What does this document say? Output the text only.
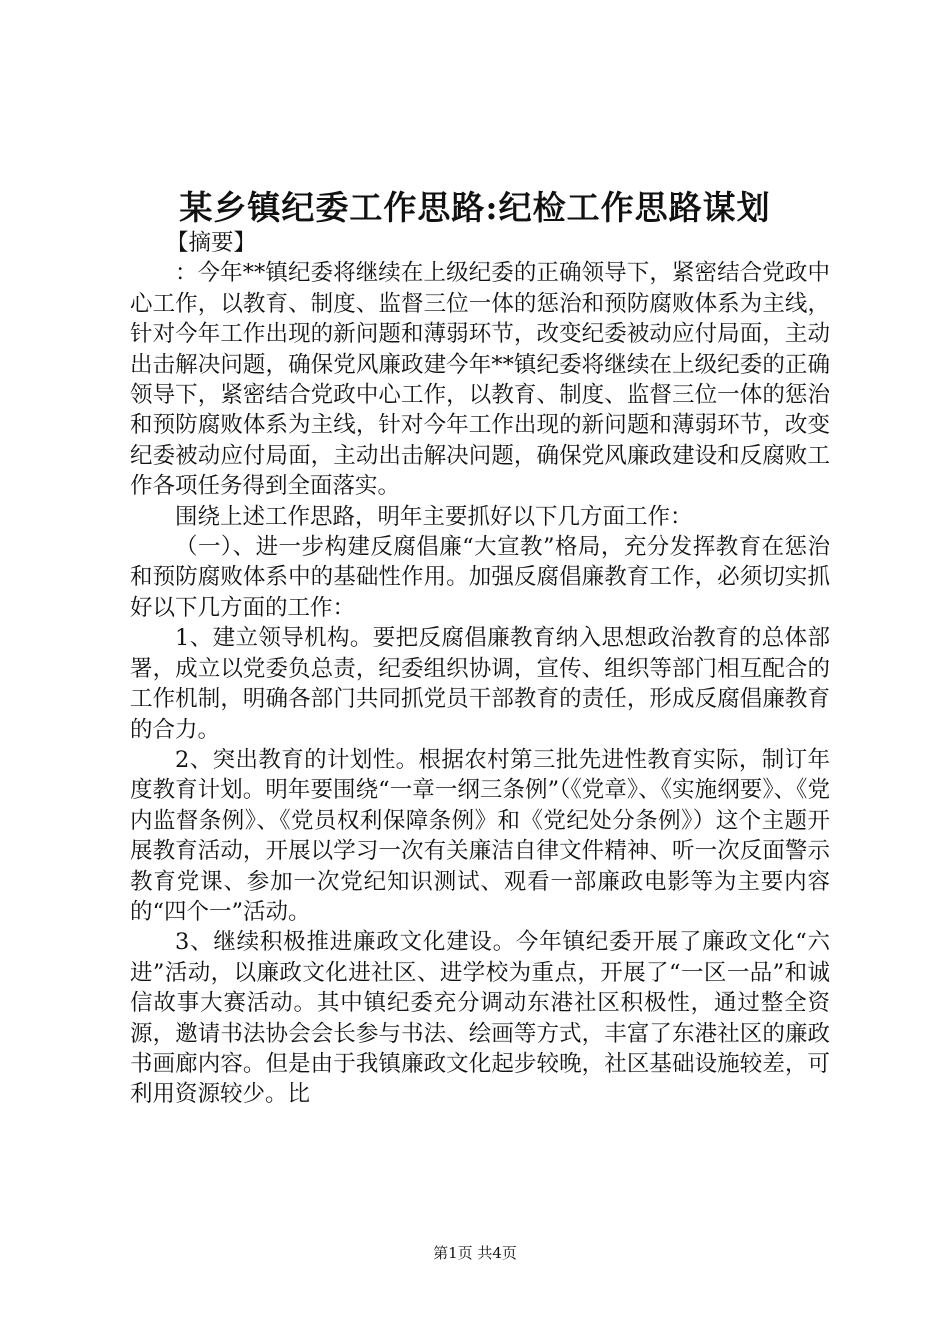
某乡镇纪委工作思路:纪检工作思路谋划

【摘要】

：今年**镇纪委将继续在上级纪委的正确领导下，紧密结合党政中心工作，以教育、制度、监督三位一体的惩治和预防腐败体系为主线，针对今年工作出现的新问题和薄弱环节，改变纪委被动应付局面，主动出击解决问题，确保党风廉政建今年**镇纪委将继续在上级纪委的正确领导下，紧密结合党政中心工作，以教育、制度、监督三位一体的惩治和预防腐败体系为主线，针对今年工作出现的新问题和薄弱环节，改变纪委被动应付局面，主动出击解决问题，确保党风廉政建设和反腐败工作各项任务得到全面落实。

围绕上述工作思路，明年主要抓好以下几方面工作：

（一）、进一步构建反腐倡廉“大宣教”格局，充分发挥教育在惩治和预防腐败体系中的基础性作用。加强反腐倡廉教育工作，必须切实抓好以下几方面的工作：

1、建立领导机构。要把反腐倡廉教育纳入思想政治教育的总体部署，成立以党委负总责，纪委组织协调，宣传、组织等部门相互配合的工作机制，明确各部门共同抓党员干部教育的责任，形成反腐倡廉教育的合力。

2、突出教育的计划性。根据农村第三批先进性教育实际，制订年度教育计划。明年要围绕“一章一纲三条例”（《党章》、《实施纲要》、《党内监督条例》、《党员权利保障条例》和《党纪处分条例》）这个主题开展教育活动，开展以学习一次有关廉洁自律文件精神、听一次反面警示教育党课、参加一次党纪知识测试、观看一部廉政电影等为主要内容的“四个一”活动。

3、继续积极推进廉政文化建设。今年镇纪委开展了廉政文化“六进”活动，以廉政文化进社区、进学校为重点，开展了“一区一品”和诚信故事大赛活动。其中镇纪委充分调动东港社区积极性，通过整全资源，邀请书法协会会长参与书法、绘画等方式，丰富了东港社区的廉政书画廊内容。但是由于我镇廉政文化起步较晚，社区基础设施较差，可利用资源较少。比

第1页 共4页
